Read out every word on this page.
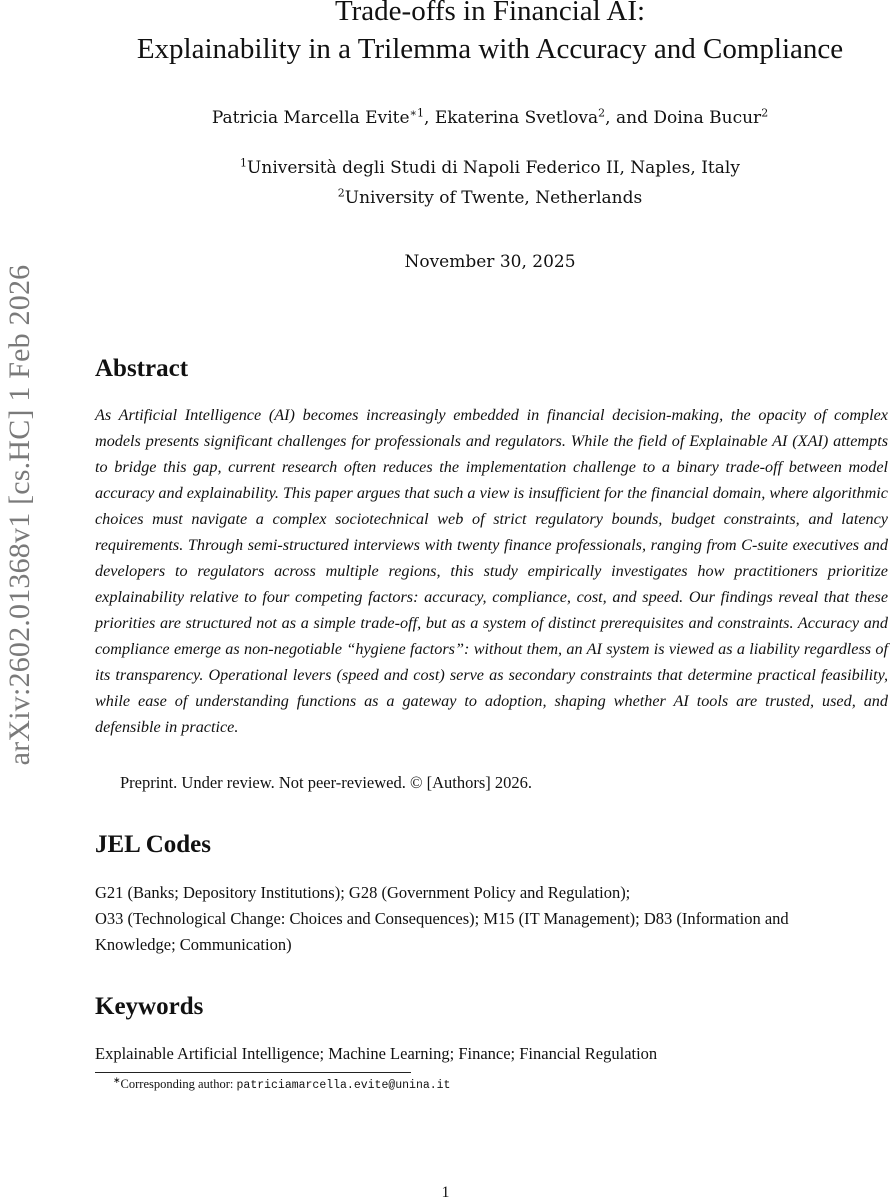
arXiv:2602.01368v1 [cs.HC] 1 Feb 2026
Trade-offs in Financial AI:
Explainability in a Trilemma with Accuracy and Compliance
Patricia Marcella Evite$^{∗1}$, Ekaterina Svetlova$^2$, and Doina Bucur$^2$
$^1$Università degli Studi di Napoli Federico II, Naples, Italy
$^2$University of Twente, Netherlands
November 30, 2025
Abstract

As Artificial Intelligence (AI) becomes increasingly embedded in financial decision-making, the opacity of complex models presents significant challenges for professionals and regulators. While the field of Explainable AI (XAI) attempts to bridge this gap, current research often reduces the implementation challenge to a binary trade-off between model accuracy and explainability. This paper argues that such a view is insufficient for the financial domain, where algorithmic choices must navigate a complex sociotechnical web of strict regulatory bounds, budget constraints, and latency requirements. Through semi-structured interviews with twenty finance professionals, ranging from C-suite executives and developers to regulators across multiple regions, this study empirically investigates how practitioners prioritize explainability relative to four competing factors: accuracy, compliance, cost, and speed. Our findings reveal that these priorities are structured not as a simple trade-off, but as a system of distinct prerequisites and constraints. Accuracy and compliance emerge as non-negotiable “hygiene factors”: without them, an AI system is viewed as a liability regardless of its transparency. Operational levers (speed and cost) serve as secondary constraints that determine practical feasibility, while ease of understanding functions as a gateway to adoption, shaping whether AI tools are trusted, used, and defensible in practice.

Preprint. Under review. Not peer-reviewed. © [Authors] 2026.
JEL Codes
G21 (Banks; Depository Institutions); G28 (Government Policy and Regulation);
O33 (Technological Change: Choices and Consequences); M15 (IT Management); D83 (Information and
Knowledge; Communication)
Keywords
Explainable Artificial Intelligence; Machine Learning; Finance; Financial Regulation
∗Corresponding author: patriciamarcella.evite@unina.it
1
